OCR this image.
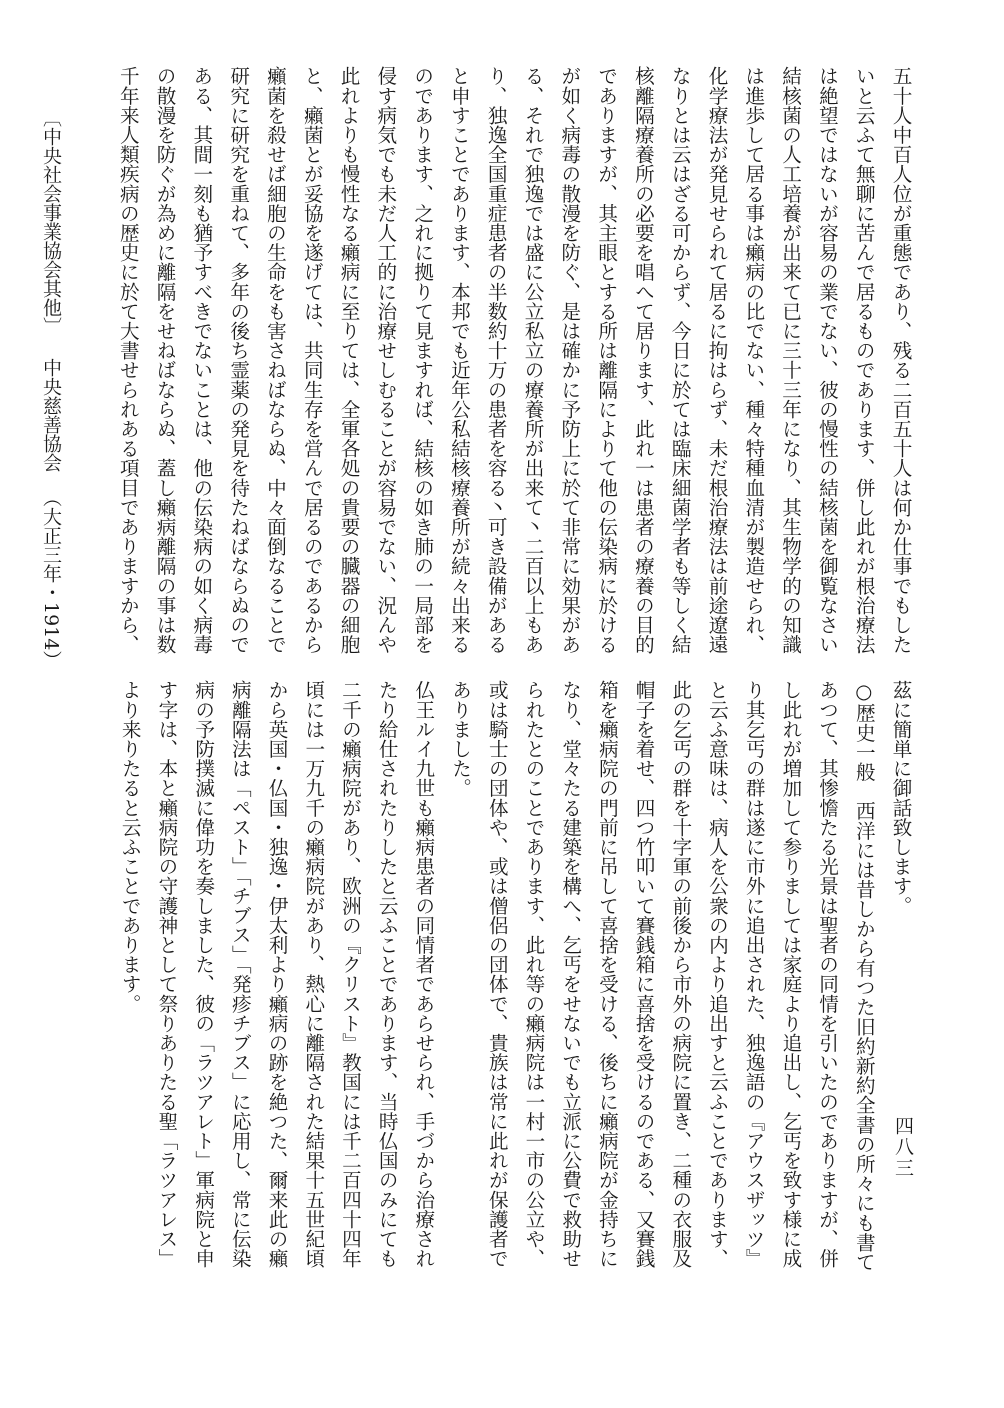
五十人中百人位が重態であり、残る二百五十人は何か仕事でもした
いと云ふて無聊に苦んで居るものであります、併し此れが根治療法
は絶望ではないが容易の業でない、彼の慢性の結核菌を御覧なさい
結核菌の人工培養が出来て已に三十三年になり、其生物学的の知識
は進歩して居る事は癩病の比でない、種々特種血清が製造せられ、
化学療法が発見せられて居るに拘はらず、未だ根治療法は前途遼遠
なりとは云はざる可からず、今日に於ては臨床細菌学者も等しく結
核離隔療養所の必要を唱へて居ります、此れ一は患者の療養の目的
でありますが、其主眼とする所は離隔によりて他の伝染病に於ける
が如く病毒の散漫を防ぐ、是は確かに予防上に於て非常に効果があ
る、それで独逸では盛に公立私立の療養所が出来て丶二百以上もあ
り、独逸全国重症患者の半数約十万の患者を容る丶可き設備がある
と申すことであります、本邦でも近年公私結核療養所が続々出来る
のであります、之れに拠りて見ますれば、結核の如き肺の一局部を
侵す病気でも未だ人工的に治療せしむることが容易でない、況んや
此れよりも慢性なる癩病に至りては、全軍各処の貴要の臓器の細胞
と、癩菌とが妥協を遂げては、共同生存を営んで居るのであるから
癩菌を殺せば細胞の生命をも害さねばならぬ、中々面倒なることで
研究に研究を重ねて、多年の後ち霊薬の発見を待たねばならぬので
ある、其間一刻も猶予すべきでないことは、他の伝染病の如く病毒
の散漫を防ぐが為めに離隔をせねばならぬ、蓋し癩病離隔の事は数
千年来人類疾病の歴史に於て大書せられある項目でありますから、
茲に簡単に御話致します。
○歴史一般　西洋には昔しから有つた旧約新約全書の所々にも書て
あつて、其惨憺たる光景は聖者の同情を引いたのでありますが、併
し此れが増加して参りましては家庭より追出し、乞丐を致す様に成
り其乞丐の群は遂に市外に追出された、独逸語の『アウスザッツ』
と云ふ意味は、病人を公衆の内より追出すと云ふことであります、
此の乞丐の群を十字軍の前後から市外の病院に置き、二種の衣服及
帽子を着せ、四つ竹叩いて賽銭箱に喜捨を受けるのである、又賽銭
箱を癩病院の門前に吊して喜捨を受ける、後ちに癩病院が金持ちに
なり、堂々たる建築を構へ、乞丐をせないでも立派に公費で救助せ
られたとのことであります、此れ等の癩病院は一村一市の公立や、
或は騎士の団体や、或は僧侶の団体で、貴族は常に此れが保護者で
ありました。
仏王ルイ九世も癩病患者の同情者であらせられ、手づから治療され
たり給仕されたりしたと云ふことであります、当時仏国のみにても
二千の癩病院があり、欧洲の『クリスト』教国には千二百四十四年
頃には一万九千の癩病院があり、熱心に離隔された結果十五世紀頃
から英国・仏国・独逸・伊太利より癩病の跡を絶つた、爾来此の癩
病離隔法は「ペスト」「チブス」「発疹チブス」に応用し、常に伝染
病の予防撲滅に偉功を奏しました、彼の「ラツアレト」軍病院と申
す字は、本と癩病院の守護神として祭りありたる聖「ラツアレス」
より来りたると云ふことであります。
〔中央社会事業協会其他〕中央慈善協会（大正三年・1914）
四八三
